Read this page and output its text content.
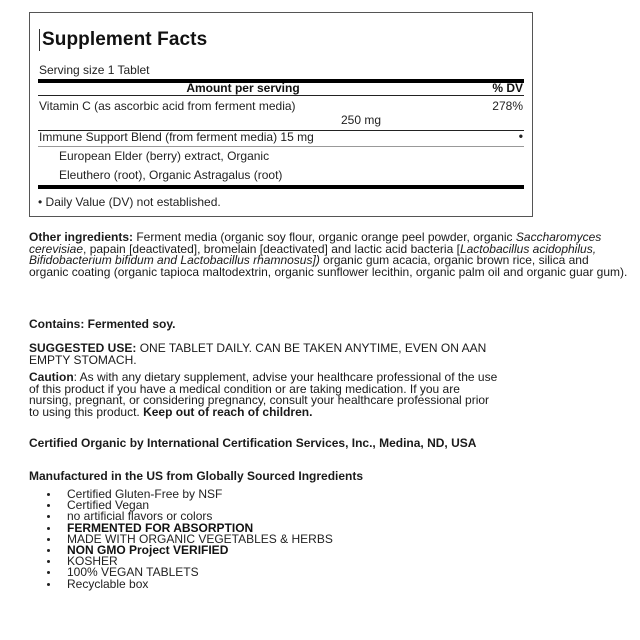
Supplement Facts
Serving size 1 Tablet
Amount per serving	% DV
Vitamin C (as ascorbic acid from ferment media)	278%
250 mg
Immune Support Blend (from ferment media) 15 mg	•
European Elder (berry) extract, Organic
Eleuthero (root), Organic Astragalus (root)
• Daily Value (DV) not established.

Other ingredients: Ferment media (organic soy flour, organic orange peel powder, organic Saccharomyces cerevisiae, papain [deactivated], bromelain [deactivated] and lactic acid bacteria [Lactobacillus acidophilus, Bifidobacterium bifidum and Lactobacillus rhamnosus]) organic gum acacia, organic brown rice, silica and organic coating (organic tapioca maltodextrin, organic sunflower lecithin, organic palm oil and organic guar gum).

Contains: Fermented soy.

SUGGESTED USE: ONE TABLET DAILY. CAN BE TAKEN ANYTIME, EVEN ON AAN EMPTY STOMACH.

Caution: As with any dietary supplement, advise your healthcare professional of the use of this product if you have a medical condition or are taking medication. If you are nursing, pregnant, or considering pregnancy, consult your healthcare professional prior to using this product. Keep out of reach of children.

Certified Organic by International Certification Services, Inc., Medina, ND, USA

Manufactured in the US from Globally Sourced Ingredients

Certified Gluten-Free by NSF
Certified Vegan
no artificial flavors or colors
FERMENTED FOR ABSORPTION
MADE WITH ORGANIC VEGETABLES & HERBS
NON GMO Project VERIFIED
KOSHER
100% VEGAN TABLETS
Recyclable box
